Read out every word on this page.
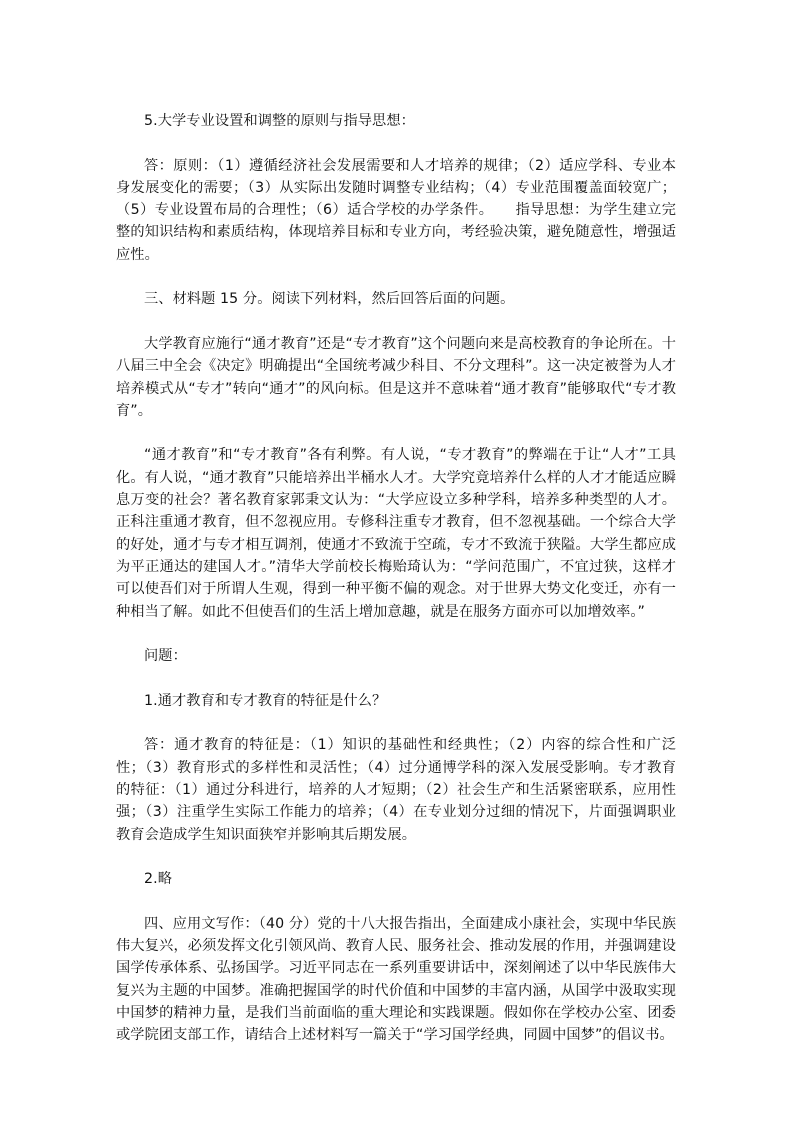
5.大学专业设置和调整的原则与指导思想：

答：原则：（1）遵循经济社会发展需要和人才培养的规律；（2）适应学科、专业本身发展变化的需要；（3）从实际出发随时调整专业结构；（4）专业范围覆盖面较宽广；（5）专业设置布局的合理性；（6）适合学校的办学条件。　　指导思想：为学生建立完整的知识结构和素质结构，体现培养目标和专业方向，考经验决策，避免随意性，增强适应性。

三、材料题 15 分。阅读下列材料，然后回答后面的问题。

大学教育应施行“通才教育”还是“专才教育”这个问题向来是高校教育的争论所在。十八届三中全会《决定》明确提出“全国统考减少科目、不分文理科”。这一决定被誉为人才培养模式从“专才”转向“通才”的风向标。但是这并不意味着“通才教育”能够取代“专才教育”。

“通才教育”和“专才教育”各有利弊。有人说，“专才教育”的弊端在于让“人才”工具化。有人说，“通才教育”只能培养出半桶水人才。大学究竟培养什么样的人才才能适应瞬息万变的社会？著名教育家郭秉文认为：“大学应设立多种学科，培养多种类型的人才。正科注重通才教育，但不忽视应用。专修科注重专才教育，但不忽视基础。一个综合大学的好处，通才与专才相互调剂，使通才不致流于空疏，专才不致流于狭隘。大学生都应成为平正通达的建国人才。”清华大学前校长梅贻琦认为：“学问范围广，不宜过狭，这样才可以使吾们对于所谓人生观，得到一种平衡不偏的观念。对于世界大势文化变迁，亦有一种相当了解。如此不但使吾们的生活上增加意趣，就是在服务方面亦可以加增效率。”

问题：

1.通才教育和专才教育的特征是什么？

答：通才教育的特征是：（1）知识的基础性和经典性；（2）内容的综合性和广泛性；（3）教育形式的多样性和灵活性；（4）过分通博学科的深入发展受影响。专才教育的特征：（1）通过分科进行，培养的人才短期；（2）社会生产和生活紧密联系，应用性强；（3）注重学生实际工作能力的培养；（4）在专业划分过细的情况下，片面强调职业教育会造成学生知识面狭窄并影响其后期发展。

2.略

四、应用文写作：（40 分）党的十八大报告指出，全面建成小康社会，实现中华民族伟大复兴，必须发挥文化引领风尚、教育人民、服务社会、推动发展的作用，并强调建设国学传承体系、弘扬国学。习近平同志在一系列重要讲话中，深刻阐述了以中华民族伟大复兴为主题的中国梦。准确把握国学的时代价值和中国梦的丰富内涵，从国学中汲取实现中国梦的精神力量，是我们当前面临的重大理论和实践课题。假如你在学校办公室、团委或学院团支部工作，请结合上述材料写一篇关于“学习国学经典，同圆中国梦”的倡议书。
